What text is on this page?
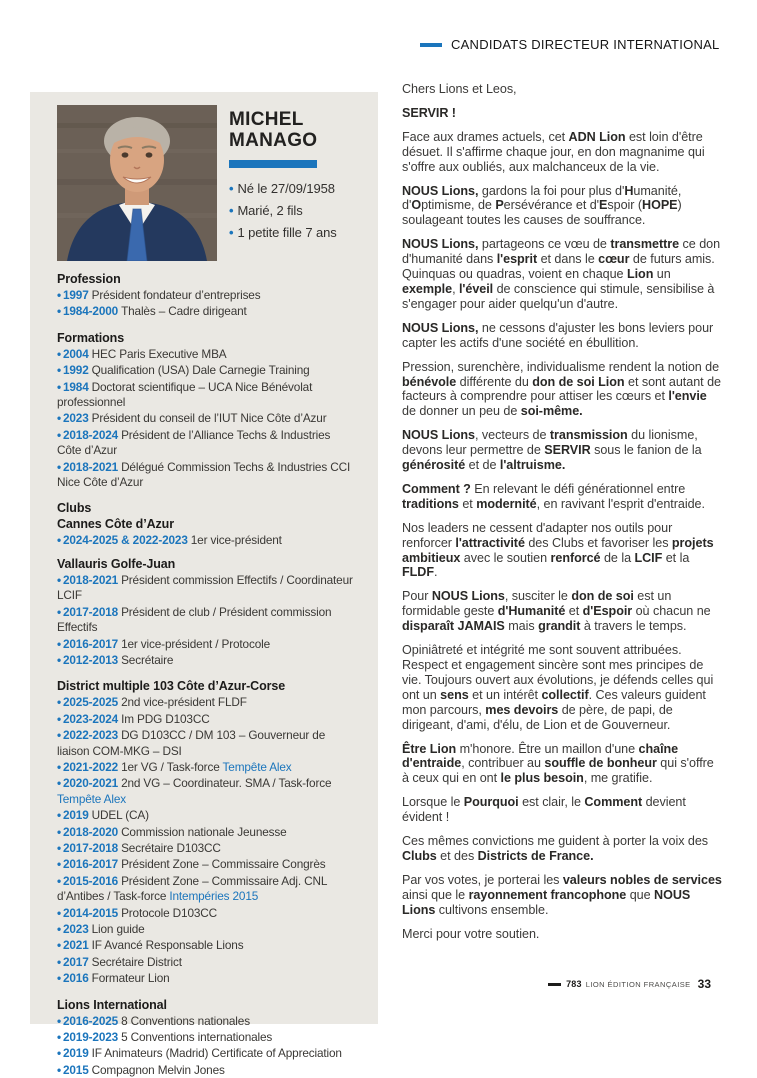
CANDIDATS DIRECTEUR INTERNATIONAL
MICHEL
MANAGO
• Né le 27/09/1958
• Marié, 2 fils
• 1 petite fille 7 ans
Profession

• 1997 Président fondateur d’entreprises

• 1984-2000 Thalès – Cadre dirigeant

Formations

• 2004 HEC Paris Executive MBA

• 1992 Qualification (USA) Dale Carnegie Training

• 1984 Doctorat scientifique – UCA Nice Bénévolat professionnel

• 2023 Président du conseil de l’IUT Nice Côte d’Azur

• 2018-2024 Président de l’Alliance Techs & Industries Côte d’Azur

• 2018-2021 Délégué Commission Techs & Industries CCI Nice Côte d’Azur

Clubs
Cannes Côte d’Azur

• 2024-2025 & 2022-2023 1er vice-président

Vallauris Golfe-Juan

• 2018-2021 Président commission Effectifs / Coordinateur LCIF

• 2017-2018 Président de club / Président commission Effectifs

• 2016-2017 1er vice-président / Protocole

• 2012-2013 Secrétaire

District multiple 103 Côte d’Azur-Corse

• 2025-2025 2nd vice-président FLDF

• 2023-2024 Im PDG D103CC

• 2022-2023 DG D103CC / DM 103 – Gouverneur de liaison COM-MKG – DSI

• 2021-2022 1er VG / Task-force Tempête Alex

• 2020-2021 2nd VG – Coordinateur. SMA / Task-force Tempête Alex

• 2019 UDEL (CA)

• 2018-2020 Commission nationale Jeunesse

• 2017-2018 Secrétaire D103CC

• 2016-2017 Président Zone – Commissaire Congrès

• 2015-2016 Président Zone – Commissaire Adj. CNL d’Antibes / Task-force Intempéries 2015

• 2014-2015 Protocole D103CC

• 2023 Lion guide

• 2021 IF Avancé Responsable Lions

• 2017 Secrétaire District

• 2016 Formateur Lion

Lions International

• 2016-2025 8 Conventions nationales

• 2019-2023 5 Conventions internationales

• 2019 IF Animateurs (Madrid) Certificate of Appreciation

• 2015 Compagnon Melvin Jones

Chers Lions et Leos,

SERVIR !

Face aux drames actuels, cet ADN Lion est loin d'être désuet. Il s'affirme chaque jour, en don magnanime qui s'offre aux oubliés, aux malchanceux de la vie.

NOUS Lions, gardons la foi pour plus d'Humanité, d'Optimisme, de Persévérance et d'Espoir (HOPE) soulageant toutes les causes de souffrance.

NOUS Lions, partageons ce vœu de transmettre ce don d'humanité dans l'esprit et dans le cœur de futurs amis. Quinquas ou quadras, voient en chaque Lion un exemple, l'éveil de conscience qui stimule, sensibilise à s'engager pour aider quelqu'un d'autre.

NOUS Lions, ne cessons d'ajuster les bons leviers pour capter les actifs d'une société en ébullition.

Pression, surenchère, individualisme rendent la notion de bénévole différente du don de soi Lion et sont autant de facteurs à comprendre pour attiser les cœurs et l'envie de donner un peu de soi-même.

NOUS Lions, vecteurs de transmission du lionisme, devons leur permettre de SERVIR sous le fanion de la générosité et de l'altruisme.

Comment ? En relevant le défi générationnel entre traditions et modernité, en ravivant l'esprit d'entraide.

Nos leaders ne cessent d'adapter nos outils pour renforcer l'attractivité des Clubs et favoriser les projets ambitieux avec le soutien renforcé de la LCIF et la FLDF.

Pour NOUS Lions, susciter le don de soi est un formidable geste d'Humanité et d'Espoir où chacun ne disparaît JAMAIS mais grandit à travers le temps.

Opiniâtreté et intégrité me sont souvent attribuées. Respect et engagement sincère sont mes principes de vie. Toujours ouvert aux évolutions, je défends celles qui ont un sens et un intérêt collectif. Ces valeurs guident mon parcours, mes devoirs de père, de papi, de dirigeant, d'ami, d'élu, de Lion et de Gouverneur.

Être Lion m'honore. Être un maillon d'une chaîne d'entraide, contribuer au souffle de bonheur qui s'offre à ceux qui en ont le plus besoin, me gratifie.

Lorsque le Pourquoi est clair, le Comment devient évident !

Ces mêmes convictions me guident à porter la voix des Clubs et des Districts de France.

Par vos votes, je porterai les valeurs nobles de services ainsi que le rayonnement francophone que NOUS Lions cultivons ensemble.

Merci pour votre soutien.

783 LION ÉDITION FRANÇAISE 33
